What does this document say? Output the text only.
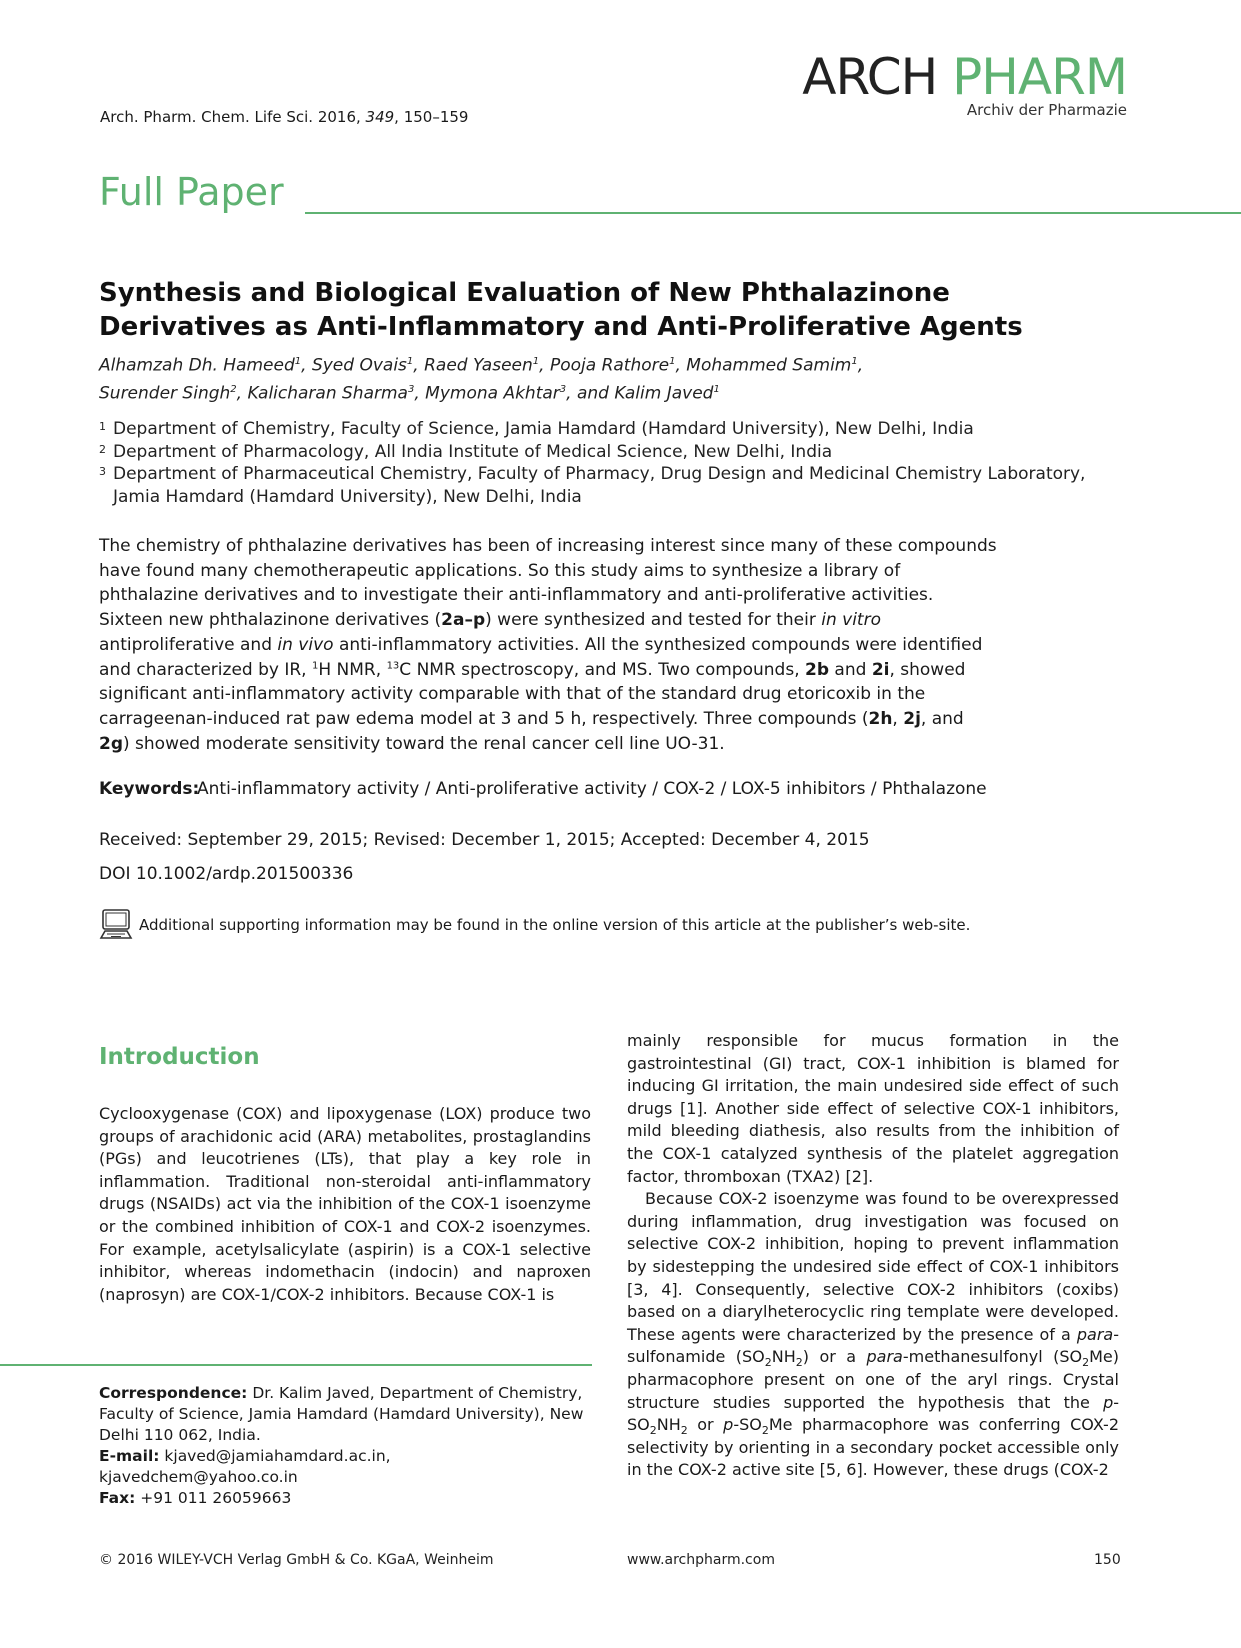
Arch. Pharm. Chem. Life Sci. 2016, 349, 150–159
ARCH PHARM
Archiv der Pharmazie
Full Paper
Synthesis and Biological Evaluation of New Phthalazinone
Derivatives as Anti-Inflammatory and Anti-Proliferative Agents
Alhamzah Dh. Hameed$^1$, Syed Ovais$^1$, Raed Yaseen$^1$, Pooja Rathore$^1$, Mohammed Samim$^1$,
Surender Singh$^2$, Kalicharan Sharma$^3$, Mymona Akhtar$^3$, and Kalim Javed$^1$
1 Department of Chemistry, Faculty of Science, Jamia Hamdard (Hamdard University), New Delhi, India
2 Department of Pharmacology, All India Institute of Medical Science, New Delhi, India
3 Department of Pharmaceutical Chemistry, Faculty of Pharmacy, Drug Design and Medicinal Chemistry Laboratory, Jamia Hamdard (Hamdard University), New Delhi, India
The chemistry of phthalazine derivatives has been of increasing interest since many of these compounds have found many chemotherapeutic applications. So this study aims to synthesize a library of phthalazine derivatives and to investigate their anti-inflammatory and anti-proliferative activities. Sixteen new phthalazinone derivatives (2a–p) were synthesized and tested for their in vitro antiproliferative and in vivo anti-inflammatory activities. All the synthesized compounds were identified and characterized by IR, $^1$H NMR, $^{13}$C NMR spectroscopy, and MS. Two compounds, 2b and 2i, showed significant anti-inflammatory activity comparable with that of the standard drug etoricoxib in the carrageenan-induced rat paw edema model at 3 and 5 h, respectively. Three compounds (2h, 2j, and 2g) showed moderate sensitivity toward the renal cancer cell line UO-31.
Keywords:
Anti-inflammatory activity / Anti-proliferative activity / COX-2 / LOX-5 inhibitors / Phthalazone
Received: September 29, 2015; Revised: December 1, 2015; Accepted: December 4, 2015
DOI 10.1002/ardp.201500336
Additional supporting information may be found in the online version of this article at the publisher’s web-site.
Introduction

Cyclooxygenase (COX) and lipoxygenase (LOX) produce two groups of arachidonic acid (ARA) metabolites, prostaglandins (PGs) and leucotrienes (LTs), that play a key role in inflammation. Traditional non-steroidal anti-inflammatory drugs (NSAIDs) act via the inhibition of the COX-1 isoenzyme or the combined inhibition of COX-1 and COX-2 isoenzymes. For example, acetylsalicylate (aspirin) is a COX-1 selective inhibitor, whereas indomethacin (indocin) and naproxen (naprosyn) are COX-1/COX-2 inhibitors. Because COX-1 is

mainly responsible for mucus formation in the gastrointestinal (GI) tract, COX-1 inhibition is blamed for inducing GI irritation, the main undesired side effect of such drugs [1]. Another side effect of selective COX-1 inhibitors, mild bleeding diathesis, also results from the inhibition of the COX-1 catalyzed synthesis of the platelet aggregation factor, thromboxan (TXA2) [2].

Because COX-2 isoenzyme was found to be overexpressed during inflammation, drug investigation was focused on selective COX-2 inhibition, hoping to prevent inflammation by sidestepping the undesired side effect of COX-1 inhibitors [3, 4]. Consequently, selective COX-2 inhibitors (coxibs) based on a diarylheterocyclic ring template were developed. These agents were characterized by the presence of a para-sulfonamide $(SO_2NH_2)$ or a para-methanesulfonyl $(SO_2Me)$ pharmacophore present on one of the aryl rings. Crystal structure studies supported the hypothesis that the $p-SO_2NH_2$ or $p-SO_2Me$ pharmacophore was conferring COX-2 selectivity by orienting in a secondary pocket accessible only in the COX-2 active site [5, 6]. However, these drugs (COX-2

Correspondence: Dr. Kalim Javed, Department of Chemistry, Faculty of Science, Jamia Hamdard (Hamdard University), New Delhi 110 062, India.
E-mail: kjaved@jamiahamdard.ac.in, kjavedchem@yahoo.co.in
Fax: +91 011 26059663
© 2016 WILEY-VCH Verlag GmbH & Co. KGaA, Weinheim	www.archpharm.com	150
